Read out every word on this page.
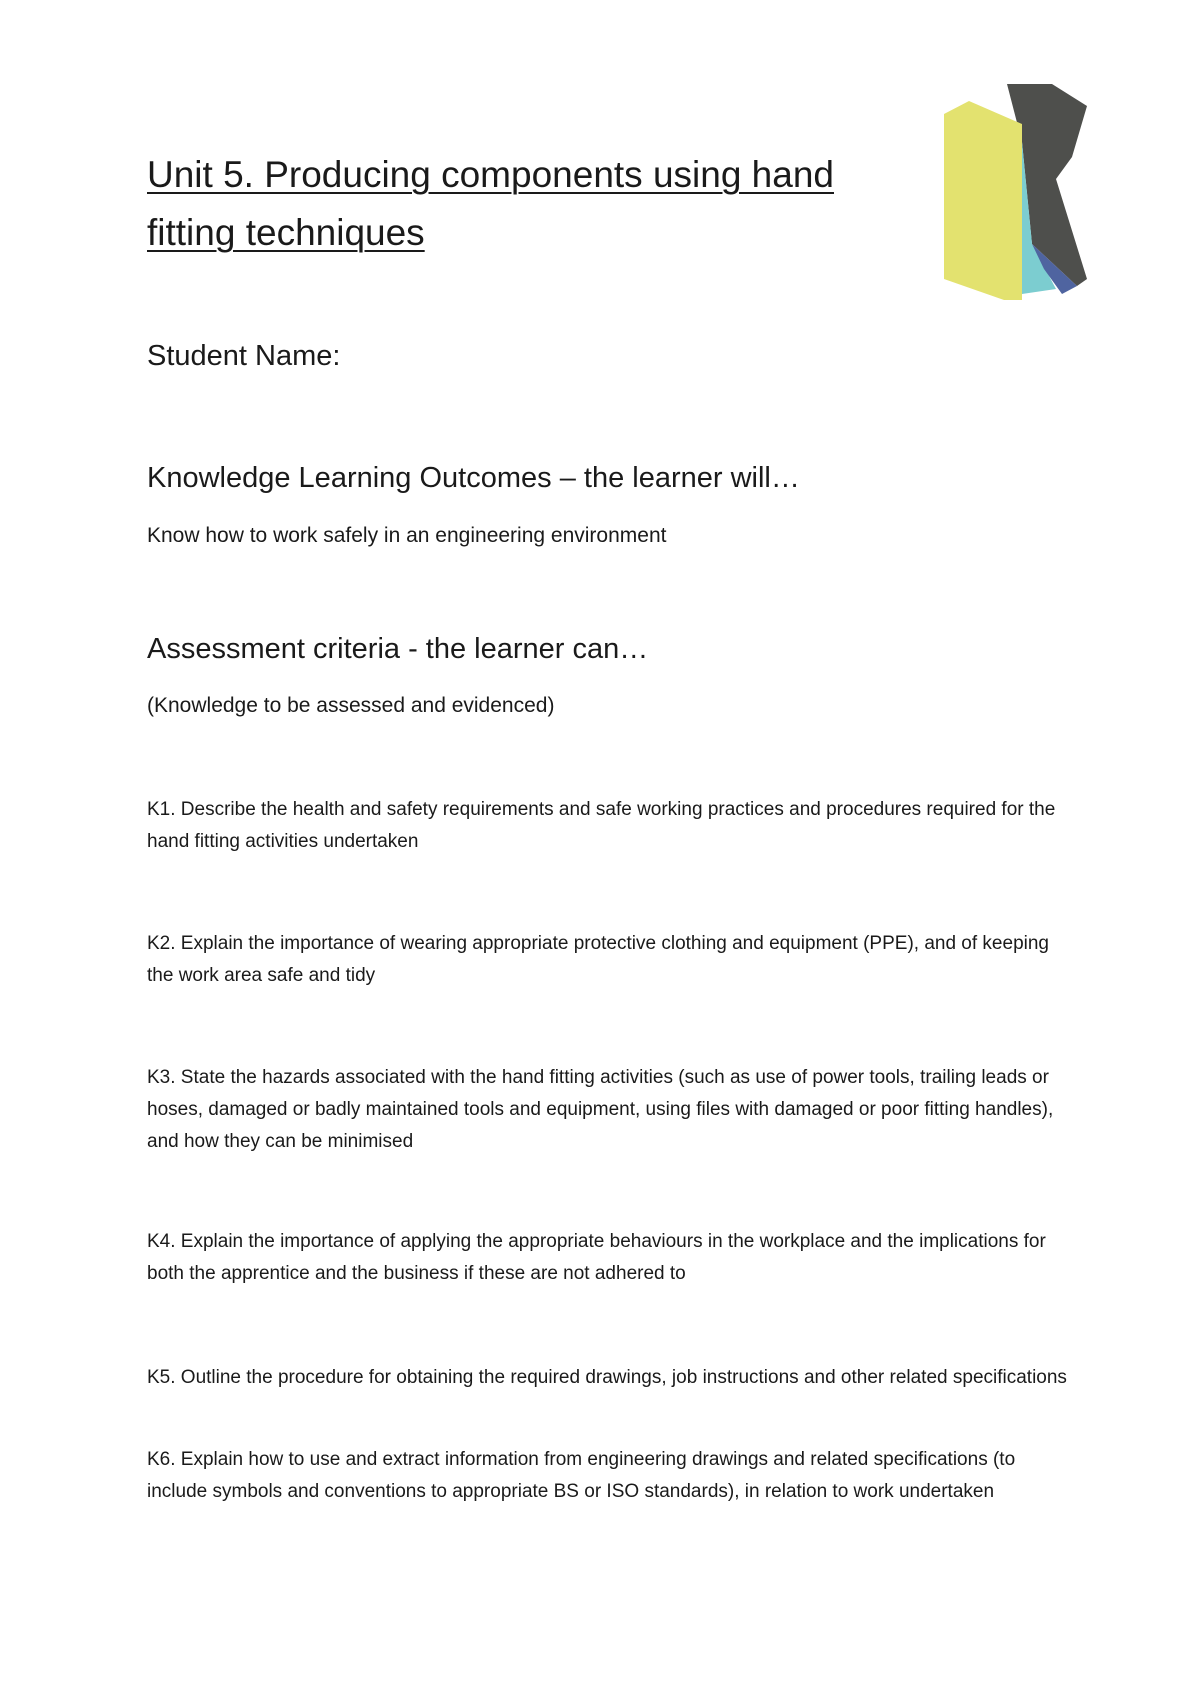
Unit 5. Producing components using hand
fitting techniques

Student Name:

Knowledge Learning Outcomes – the learner will…

Know how to work safely in an engineering environment

Assessment criteria - the learner can…

(Knowledge to be assessed and evidenced)

K1. Describe the health and safety requirements and safe working practices and procedures required for the hand fitting activities undertaken

K2. Explain the importance of wearing appropriate protective clothing and equipment (PPE), and of keeping the work area safe and tidy

K3. State the hazards associated with the hand fitting activities (such as use of power tools, trailing leads or hoses, damaged or badly maintained tools and equipment, using files with damaged or poor fitting handles), and how they can be minimised

K4. Explain the importance of applying the appropriate behaviours in the workplace and the implications for both the apprentice and the business if these are not adhered to

K5. Outline the procedure for obtaining the required drawings, job instructions and other related specifications

K6. Explain how to use and extract information from engineering drawings and related specifications (to include symbols and conventions to appropriate BS or ISO standards), in relation to work undertaken
